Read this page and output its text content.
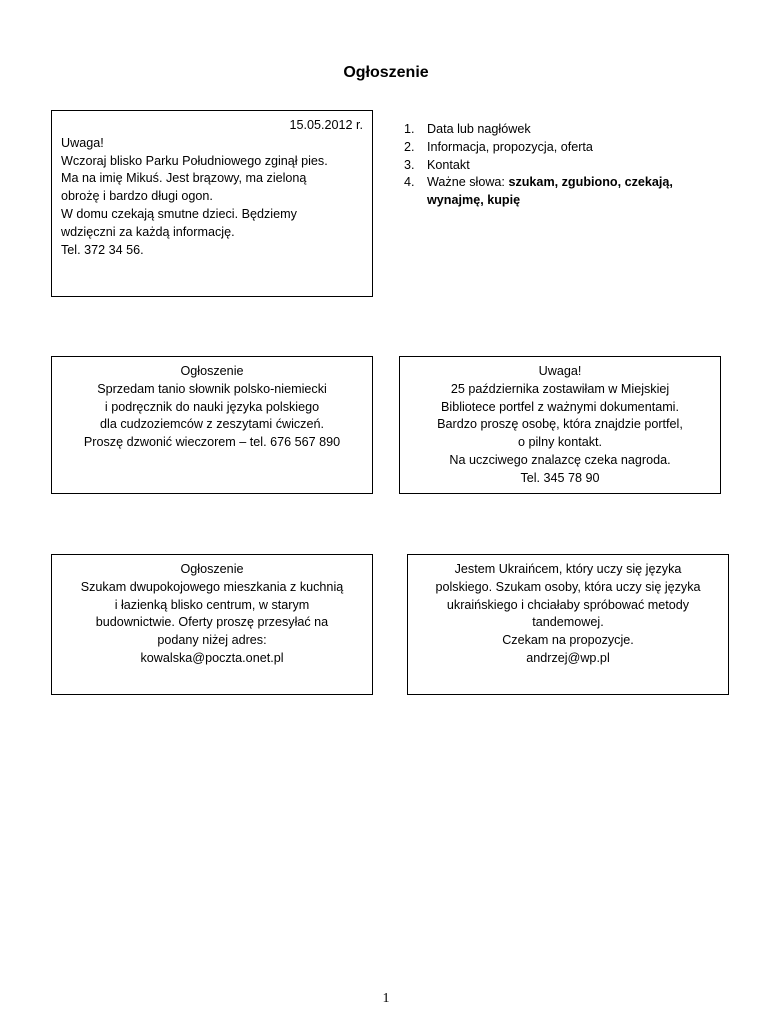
Ogłoszenie
15.05.2012 r.
Uwaga!
Wczoraj blisko Parku Południowego zginął pies.
Ma na imię Mikuś. Jest brązowy, ma zieloną
obrożę i bardzo długi ogon.
W domu czekają smutne dzieci. Będziemy
wdzięczni za każdą informację.
Tel. 372 34 56.
1. Data lub nagłówek
2. Informacja, propozycja, oferta
3. Kontakt
4. Ważne słowa: szukam, zgubiono, czekają,
wynajmę, kupię
Ogłoszenie
Sprzedam tanio słownik polsko-niemiecki
i podręcznik do nauki języka polskiego
dla cudzoziemców z zeszytami ćwiczeń.
Proszę dzwonić wieczorem – tel. 676 567 890
Uwaga!
25 października zostawiłam w Miejskiej
Bibliotece portfel z ważnymi dokumentami.
Bardzo proszę osobę, która znajdzie portfel,
o pilny kontakt.
Na uczciwego znalazcę czeka nagroda.
Tel. 345 78 90
Ogłoszenie
Szukam dwupokojowego mieszkania z kuchnią
i łazienką blisko centrum, w starym
budownictwie. Oferty proszę przesyłać na
podany niżej adres:
kowalska@poczta.onet.pl
Jestem Ukraińcem, który uczy się języka
polskiego. Szukam osoby, która uczy się języka
ukraińskiego i chciałaby spróbować metody
tandemowej.
Czekam na propozycje.
andrzej@wp.pl
1
